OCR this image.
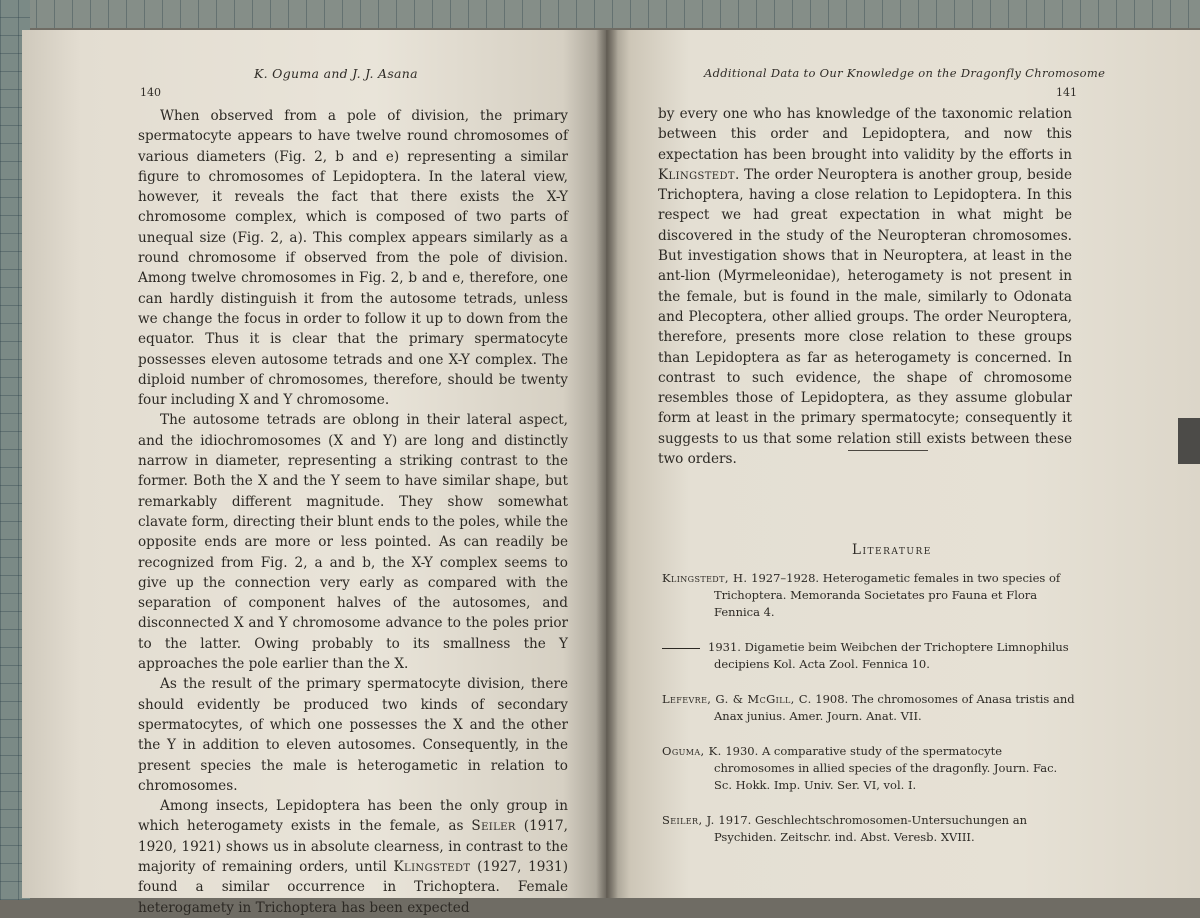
140
K. Oguma and J. J. Asana

When observed from a pole of division, the primary spermatocyte appears to have twelve round chromosomes of various diameters (Fig. 2, b and e) representing a similar figure to chromosomes of Lepidoptera. In the lateral view, however, it reveals the fact that there exists the X-Y chromosome complex, which is composed of two parts of unequal size (Fig. 2, a). This complex appears similarly as a round chromosome if observed from the pole of division. Among twelve chromosomes in Fig. 2, b and e, therefore, one can hardly distinguish it from the autosome tetrads, unless we change the focus in order to follow it up to down from the equator. Thus it is clear that the primary spermatocyte possesses eleven autosome tetrads and one X-Y complex. The diploid number of chromosomes, therefore, should be twenty four including X and Y chromosome.

The autosome tetrads are oblong in their lateral aspect, and the idiochromosomes (X and Y) are long and distinctly narrow in diameter, representing a striking contrast to the former. Both the X and the Y seem to have similar shape, but remarkably different magnitude. They show somewhat clavate form, directing their blunt ends to the poles, while the opposite ends are more or less pointed. As can readily be recognized from Fig. 2, a and b, the X-Y complex seems to give up the connection very early as compared with the separation of component halves of the autosomes, and disconnected X and Y chromosome advance to the poles prior to the latter. Owing probably to its smallness the Y approaches the pole earlier than the X.

As the result of the primary spermatocyte division, there should evidently be produced two kinds of secondary spermatocytes, of which one possesses the X and the other the Y in addition to eleven autosomes. Consequently, in the present species the male is heterogametic in relation to chromosomes.

Among insects, Lepidoptera has been the only group in which heterogamety exists in the female, as Seiler (1917, 1920, 1921) shows us in absolute clearness, in contrast to the majority of remaining orders, until Klingstedt (1927, 1931) found a similar occurrence in Trichoptera. Female heterogamety in Trichoptera has been expected

Additional Data to Our Knowledge on the Dragonfly Chromosome
141

by every one who has knowledge of the taxonomic relation between this order and Lepidoptera, and now this expectation has been brought into validity by the efforts in Klingstedt. The order Neuroptera is another group, beside Trichoptera, having a close relation to Lepidoptera. In this respect we had great expectation in what might be discovered in the study of the Neuropteran chromosomes. But investigation shows that in Neuroptera, at least in the ant-lion (Myrmeleonidae), heterogamety is not present in the female, but is found in the male, similarly to Odonata and Plecoptera, other allied groups. The order Neuroptera, therefore, presents more close relation to these groups than Lepidoptera as far as heterogamety is concerned. In contrast to such evidence, the shape of chromosome resembles those of Lepidoptera, as they assume globular form at least in the primary spermatocyte; consequently it suggests to us that some relation still exists between these two orders.

Literature
Klingstedt, H. 1927–1928. Heterogametic females in two species of Trichoptera. Memoranda Societates pro Fauna et Flora Fennica 4.
1931. Digametie beim Weibchen der Trichoptere Limnophilus decipiens Kol. Acta Zool. Fennica 10.
Lefevre, G. & McGill, C. 1908. The chromosomes of Anasa tristis and Anax junius. Amer. Journ. Anat. VII.
Oguma, K. 1930. A comparative study of the spermatocyte chromosomes in allied species of the dragonfly. Journ. Fac. Sc. Hokk. Imp. Univ. Ser. VI, vol. I.
Seiler, J. 1917. Geschlechtschromosomen-Untersuchungen an Psychiden. Zeitschr. ind. Abst. Veresb. XVIII.
